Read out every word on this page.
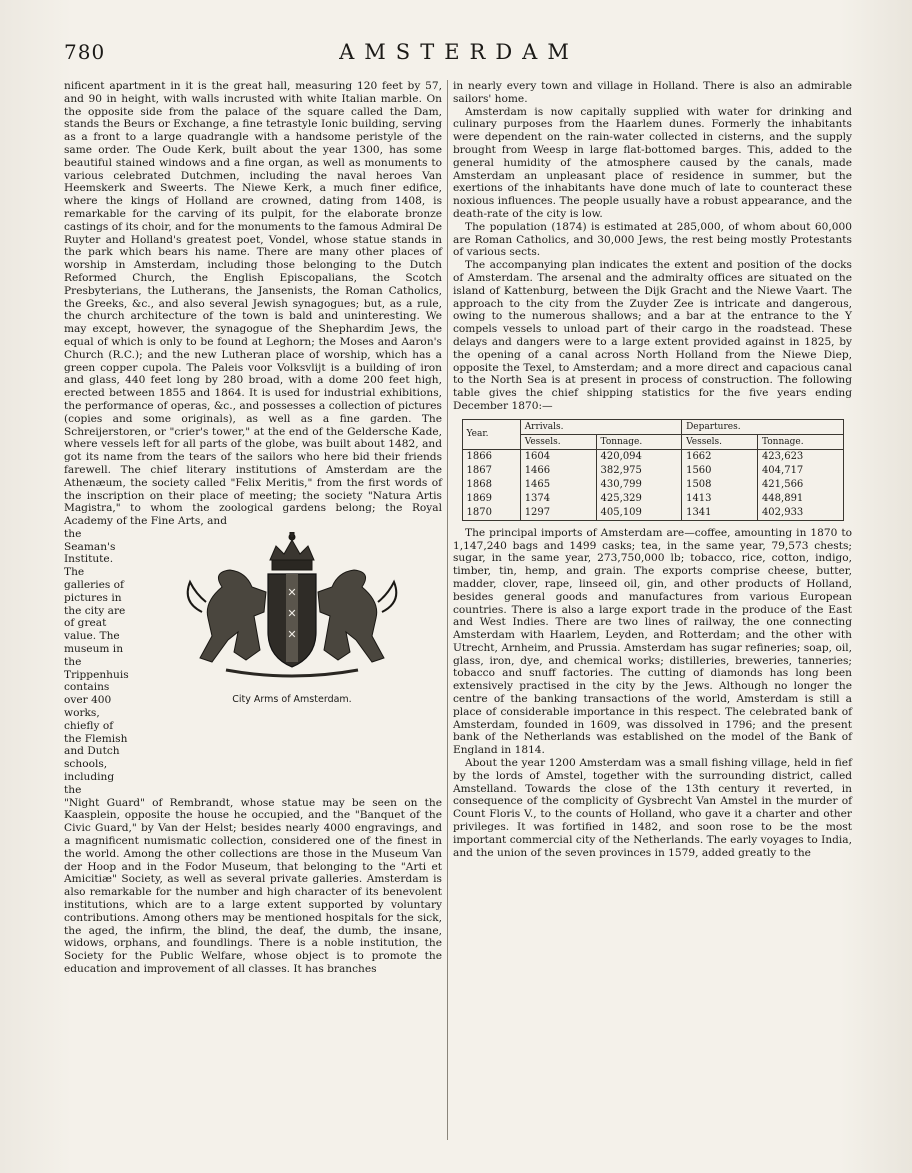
780	AMSTERDAM

nificent apartment in it is the great hall, measuring 120 feet by 57, and 90 in height, with walls incrusted with white Italian marble. On the opposite side from the palace of the square called the Dam, stands the Beurs or Exchange, a fine tetrastyle Ionic building, serving as a front to a large quadrangle with a handsome peristyle of the same order. The Oude Kerk, built about the year 1300, has some beautiful stained windows and a fine organ, as well as monuments to various celebrated Dutchmen, including the naval heroes Van Heemskerk and Sweerts. The Niewe Kerk, a much finer edifice, where the kings of Holland are crowned, dating from 1408, is remarkable for the carving of its pulpit, for the elaborate bronze castings of its choir, and for the monuments to the famous Admiral De Ruyter and Holland's greatest poet, Vondel, whose statue stands in the park which bears his name. There are many other places of worship in Amsterdam, including those belonging to the Dutch Reformed Church, the English Episcopalians, the Scotch Presbyterians, the Lutherans, the Jansenists, the Roman Catholics, the Greeks, &c., and also several Jewish synagogues; but, as a rule, the church architecture of the town is bald and uninteresting. We may except, however, the synagogue of the Shephardim Jews, the equal of which is only to be found at Leghorn; the Moses and Aaron's Church (R.C.); and the new Lutheran place of worship, which has a green copper cupola. The Paleis voor Volksvlijt is a building of iron and glass, 440 feet long by 280 broad, with a dome 200 feet high, erected between 1855 and 1864. It is used for industrial exhibitions, the performance of operas, &c., and possesses a collection of pictures (copies and some originals), as well as a fine garden. The Schreijerstoren, or "crier's tower," at the end of the Geldersche Kade, where vessels left for all parts of the globe, was built about 1482, and got its name from the tears of the sailors who here bid their friends farewell. The chief literary institutions of Amsterdam are the Athenæum, the society called "Felix Meritis," from the first words of the inscription on their place of meeting; the society "Natura Artis Magistra," to whom the zoological gardens belong; the Royal Academy of the Fine Arts, and

✕
✕
✕
City Arms of Amsterdam.

the Seaman's Institute. The galleries of pictures in the city are of great value. The museum in the Trippenhuis contains over 400 works, chiefly of the Flemish and Dutch schools, including the

"Night Guard" of Rembrandt, whose statue may be seen on the Kaasplein, opposite the house he occupied, and the "Banquet of the Civic Guard," by Van der Helst; besides nearly 4000 engravings, and a magnificent numismatic collection, considered one of the finest in the world. Among the other collections are those in the Museum Van der Hoop and in the Fodor Museum, that belonging to the "Arti et Amicitiæ" Society, as well as several private galleries. Amsterdam is also remarkable for the number and high character of its benevolent institutions, which are to a large extent supported by voluntary contributions. Among others may be mentioned hospitals for the sick, the aged, the infirm, the blind, the deaf, the dumb, the insane, widows, orphans, and foundlings. There is a noble institution, the Society for the Public Welfare, whose object is to promote the education and improvement of all classes. It has branches

in nearly every town and village in Holland. There is also an admirable sailors' home.

Amsterdam is now capitally supplied with water for drinking and culinary purposes from the Haarlem dunes. Formerly the inhabitants were dependent on the rain-water collected in cisterns, and the supply brought from Weesp in large flat-bottomed barges. This, added to the general humidity of the atmosphere caused by the canals, made Amsterdam an unpleasant place of residence in summer, but the exertions of the inhabitants have done much of late to counteract these noxious influences. The people usually have a robust appearance, and the death-rate of the city is low.

The population (1874) is estimated at 285,000, of whom about 60,000 are Roman Catholics, and 30,000 Jews, the rest being mostly Protestants of various sects.

The accompanying plan indicates the extent and position of the docks of Amsterdam. The arsenal and the admiralty offices are situated on the island of Kattenburg, between the Dijk Gracht and the Niewe Vaart. The approach to the city from the Zuyder Zee is intricate and dangerous, owing to the numerous shallows; and a bar at the entrance to the Y compels vessels to unload part of their cargo in the roadstead. These delays and dangers were to a large extent provided against in 1825, by the opening of a canal across North Holland from the Niewe Diep, opposite the Texel, to Amsterdam; and a more direct and capacious canal to the North Sea is at present in process of construction. The following table gives the chief shipping statistics for the five years ending December 1870:—

Year.	Arrivals.		Departures.	
	Vessels.	Tonnage.	Vessels.	Tonnage.
1866	1604	420,094	1662	423,623
1867	1466	382,975	1560	404,717
1868	1465	430,799	1508	421,566
1869	1374	425,329	1413	448,891
1870	1297	405,109	1341	402,933

The principal imports of Amsterdam are—coffee, amounting in 1870 to 1,147,240 bags and 1499 casks; tea, in the same year, 79,573 chests; sugar, in the same year, 273,750,000 lb; tobacco, rice, cotton, indigo, timber, tin, hemp, and grain. The exports comprise cheese, butter, madder, clover, rape, linseed oil, gin, and other products of Holland, besides general goods and manufactures from various European countries. There is also a large export trade in the produce of the East and West Indies. There are two lines of railway, the one connecting Amsterdam with Haarlem, Leyden, and Rotterdam; and the other with Utrecht, Arnheim, and Prussia. Amsterdam has sugar refineries; soap, oil, glass, iron, dye, and chemical works; distilleries, breweries, tanneries; tobacco and snuff factories. The cutting of diamonds has long been extensively practised in the city by the Jews. Although no longer the centre of the banking transactions of the world, Amsterdam is still a place of considerable importance in this respect. The celebrated bank of Amsterdam, founded in 1609, was dissolved in 1796; and the present bank of the Netherlands was established on the model of the Bank of England in 1814.

About the year 1200 Amsterdam was a small fishing village, held in fief by the lords of Amstel, together with the surrounding district, called Amstelland. Towards the close of the 13th century it reverted, in consequence of the complicity of Gysbrecht Van Amstel in the murder of Count Floris V., to the counts of Holland, who gave it a charter and other privileges. It was fortified in 1482, and soon rose to be the most important commercial city of the Netherlands. The early voyages to India, and the union of the seven provinces in 1579, added greatly to the
